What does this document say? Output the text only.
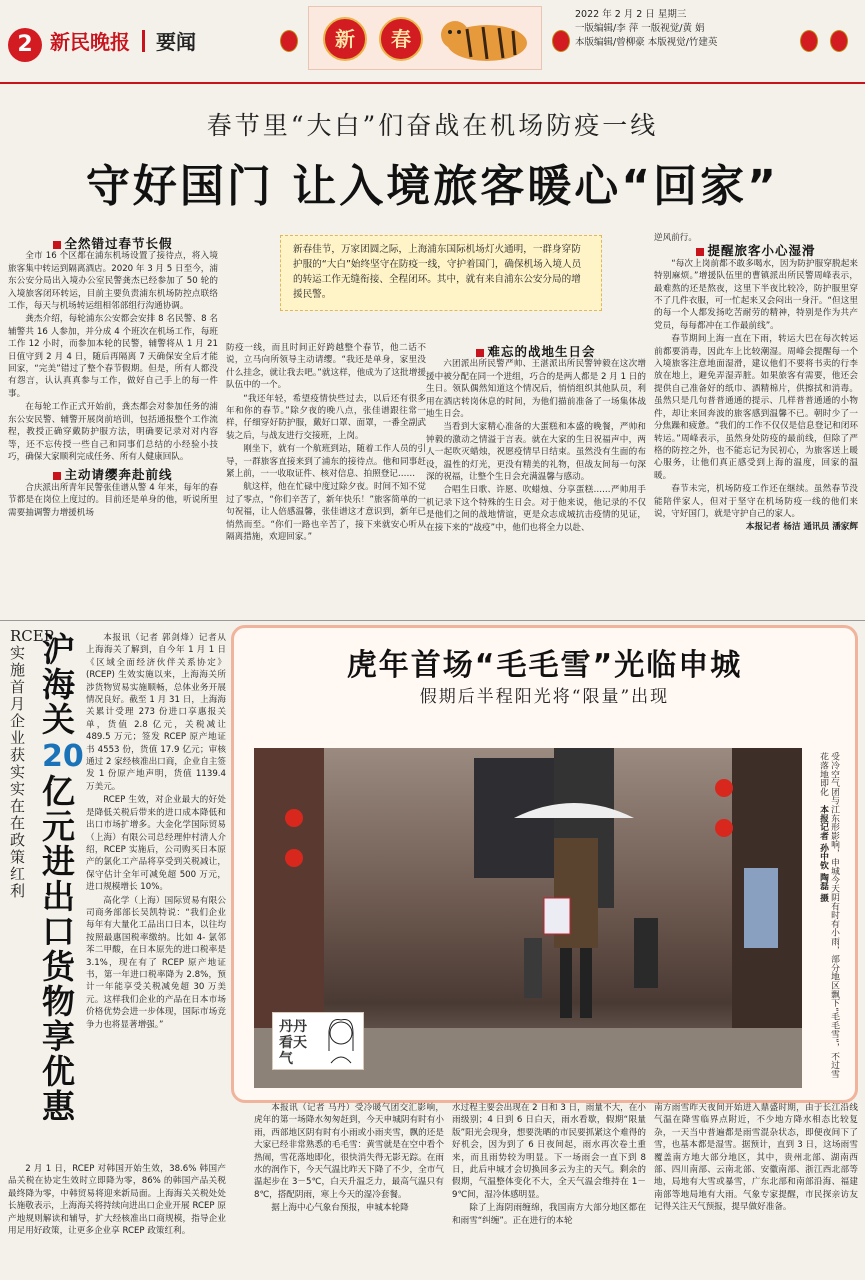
2 新民晚报 要闻	新	春
2022 年 2 月 2 日 星期三
一版编辑/李 萍 一版视觉/黄 娟
本版编辑/曾柳豪 本版视觉/竹建英
春节里“大白”们奋战在机场防疫一线
守好国门 让入境旅客暖心“回家”
新春佳节，万家团圆之际，上海浦东国际机场灯火通明，一群身穿防护服的“大白”始终坚守在防疫一线，守护着国门，确保机场入境人员的转运工作无缝衔接、全程闭环。其中，就有来自浦东公安分局的增援民警。
全然错过春节长假

全市 16 个区都在浦东机场设置了接待点，将入境旅客集中转运到隔离酒店。2020 年 3 月 5 日至今，浦东公安分局出入境办公室民警龚杰已经参加了 50 轮的入境旅客闭环转运，目前主要负责浦东机场防控点联络工作，每天与机场转运组相邻部组行沟通协调。

龚杰介绍，每轮浦东公安都会安排 8 名民警、8 名辅警共 16 人参加，并分成 4 个班次在机场工作，每班工作 12 小时，而参加本轮的民警，辅警将从 1 月 21 日值守到 2 月 4 日，随后再隔离 7 天确保安全后才能回家，“完美”错过了整个春节假期。但是，所有人都没有怨言，认认真真参与工作，做好自己手上的每一件事。

在每轮工作正式开始前，龚杰都会对参加任务的浦东公安民警、辅警开展岗前培训，包括通报整个工作流程，教授正确穿戴防护服方法，明确要记录对对内容等，还不忘传授一些自己和同事们总结的小经验小技巧，确保大家顺利完成任务、所有人健康回队。

主动请缨奔赴前线

合庆派出所青年民警张佳谱从警 4 年来，每年的春节都是在岗位上度过的。目前还是单身的他，听说所里需要抽调警力增援机场

防疫一线，而且时间正好跨越整个春节，他二话不说，立马向所领导主动请缨。“我还是单身，家里没什么挂念，就让我去吧。”就这样，他成为了这批增援队伍中的一个。

“我还年轻，希望疫情快些过去，以后还有很多年和你的春节。”除夕夜的晚八点，张佳谱跟往常一样，仔细穿好防护服，戴好口罩、面罩，一番全副武装之后，与战友进行交接班，上岗。

刚坐下，就有一个航班到站，随着工作人员的引导，一群旅客直接来到了浦东的接待点。他和同事赶紧上前，一一收取证件、核对信息、拍照登记……

航这样，他在忙碌中度过除夕夜。时间不知不觉过了零点，“你们辛苦了，新年快乐！”旅客简单的一句祝福，让人倍感温馨，张佳谱这才意识到，新年已悄然而至。“你们一路也辛苦了，接下来就安心听从隔离措施，欢迎回家。”

难忘的战地生日会

六团派出所民警严帅、王湛派出所民警钟毅在这次增援中被分配在同一个进组，巧合的是两人都是 2 月 1 日的生日。领队偶然知道这个情况后，悄悄组织其他队员，利用在酒店转岗休息的时间，为他们描前准备了一场集体战地生日会。

当看到大家精心准备的大蛋糕和本盛的晚餐，严帅和钟毅的激动之情溢于言表。就在大家的生日祝福声中，两人一起吹灭蜡烛，祝愿疫情早日结束。虽然没有生面的布设，温性的灯光，更没有精美的礼物，但战友间每一句深深的祝福，让整个生日会充满温馨与感动。

合唱生日歌、许愿、吹蜡烛、分享蛋糕……严帅用手机记录下这个特殊的生日会。对于他来说，他记录的不仅是他们之间的战地情谊，更是众志成城抗击疫情的见证，在接下来的“战疫”中，他们也将全力以赴、

逆风前行。

提醒旅客小心湿滑

“每次上岗前都不敢多喝水，因为防护服穿脱起来特别麻烦。”增援队伍里的曹镇派出所民警周峰表示，最难熬的还是熬夜，这里下半夜比较冷，防护服里穿不了几件衣服，可一忙起来又会闷出一身汗。“但这里的每一个人都发扬吃苦耐劳的精神，特别是作为共产党员，每每都冲在工作最前线”。

春节期间上海一直在下雨，转运大巴在每次转运前都要消毒，因此车上比较潮湿。周峰会提醒每一个入境旅客注意地面湿滑，建议他们不要将书卖的行李放在地上，避免弄湿弄脏。如果旅客有需要，他还会提供自己准备好的纸巾、酒精棉片，供擦拭和消毒。虽然只是几句普普通通的提示、几样普普通通的小物件，却让来回奔波的旅客感到温馨不已。朝时少了一分焦躁和疲惫。“我们的工作不仅仅是信息登记和闭环转运。”周峰表示，虽然身处防疫的最前线，但除了严格的防控之外，也不能忘记为民初心，为旅客送上暖心服务，让他们真正感受到上海的温度，回家的温暖。

春节未完，机场防疫工作还在继续。虽然春节没能陪伴家人，但对于坚守在机场防疫一线的他们来说，守好国门，就是守护自己的家人。

本报记者 杨洁 通讯员 潘家辉

RCEP实施首月 企业获实实在在政策红利
沪海关20亿元进出口货物享优惠

本报讯（记者 郭剑烽）记者从上海海关了解到，自今年 1 月 1 日《区域全面经济伙伴关系协定》(RCEP) 生效实施以来，上海海关所涉货物贸易实施顺畅，总体业务开展情况良好。截至 1 月 31 日，上海海关累计受理 273 份进口享惠报关单，货值 2.8 亿元，关税减让 489.5 万元；签发 RCEP 原产地证书 4553 份，货值 17.9 亿元；审核通过 2 家经核准出口商，企业自主签发 1 份原产地声明，货值 1139.4 万美元。

RCEP 生效，对企业最大的好处是降低关税后带来的进口成本降低和出口市场扩增多。大金化学国际贸易（上海）有限公司总经理仲村清人介绍，RCEP 实施后，公司购买日本原产的氯化工产品将享受到关税减让，保守估计全年可减免超 500 万元，进口规模增长 10%。

高化学（上海）国际贸易有限公司商务部部长吴凯特说：“我们企业每年有大量化工品出口日本，以往均按照最惠国税率缴纳。比如 4- 氯邻苯二甲酸，在日本原先的进口税率是 3.1%，现在有了 RCEP 原产地证书，第一年进口税率降为 2.8%，预计一年能享受关税减免超 30 万美元。这样我们企业的产品在日本市场价格优势会进一步体现，国际市场竞争力也将显著增强。”

2 月 1 日，RCEP 对韩国开始生效，38.6% 韩国产品关税在协定生效时立即降为零，86% 的韩国产品关税最终降为零，中韩贸易将迎来新局面。上海海关关税处处长施敬表示，上海海关将持续向进出口企业开展 RCEP 原产地规则解读和辅导，扩大经核准出口商规模，指导企业用足用好政策，让更多企业享 RCEP 政策红利。

虎年首场“毛毛雪”光临申城
假期后半程阳光将“限量”出现
受冷空气团与江东形影响，申城今天阴有时有小雨，部分地区飘下“毛毛雪”，不过雪花落地即化　本报记者 孙中钦 陶磊 摄
丹丹看天气

本报讯（记者 马丹）受冷暖气团交汇影响，虎年的第一场降水匆匆赶到，今天申城阴有时有小雨，西部地区阴有时有小雨或小雨夹雪，飘的还是大家已经非常熟悉的毛毛雪：黄雪就是在空中看个热闹，雪花落地即化，很快消失得无影无踪。在雨水的润作下，今天气温比昨天下降了不少，全市气温起步在 3－5℃，白天升温乏力，最高气温只有 8℃，搭配阴雨，寒上今天的湿冷套餐。

据上海中心气象台预报，申城本轮降

水过程主要会出现在 2 日和 3 日，雨量不大，在小雨级别；4 日到 6 日白天，雨水看歇，假期“限量版”阳光会现身，想要洗晒的市民要抓紧这个难得的好机会，因为到了 6 日夜间起，雨水再次卷土重来，而且雨势较为明显。下一场雨会一直下到 8 日，此后申城才会切换回多云为主的天气。剩余的假期，气温整体变化不大，全天气温会维持在 1－9℃间，湿冷体感明显。

除了上海阴雨缠绵，我国南方大部分地区都在和雨雪“纠缠”。正在进行的本轮

南方雨雪昨天夜间开始进入鼎盛时期，由于长江沿线气温在降雪临界点附近，不少地方降水相态比较复杂，一天当中普遍都是雨雪混杂状态，即便夜间下了雪，也基本都是湿雪。据预计，直到 3 日，这场雨雪覆盖南方地大部分地区，其中，贵州北部、湖南西部、四川南部、云南北部、安徽南部、浙江西北部等地，局地有大雪或暴雪，广东北部和南部沿海、福建南部等地局地有大雨。气象专家提醒，市民探亲访友记得关注天气预报，提早做好准备。
